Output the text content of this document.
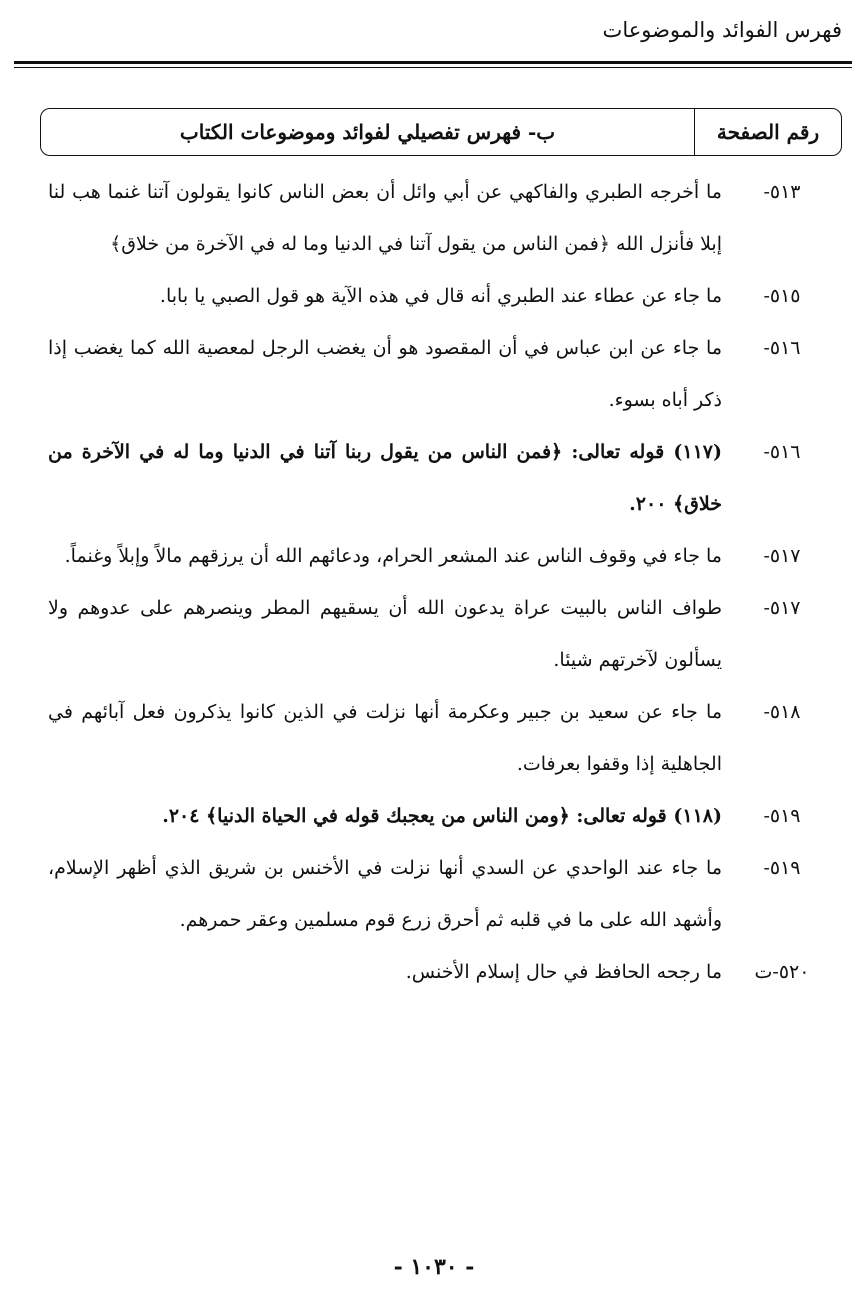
فهرس الفوائد والموضوعات
رقم الصفحة
ب- فهرس تفصيلي لفوائد وموضوعات الكتاب
٥١٣-
ما أخرجه الطبري والفاكهي عن أبي وائل أن بعض الناس كانوا يقولون آتنا غنما هب لنا إبلا فأنزل الله ﴿فمن الناس من يقول آتنا في الدنيا وما له في الآخرة من خلاق﴾
٥١٥-
ما جاء عن عطاء عند الطبري أنه قال في هذه الآية هو قول الصبي يا بابا.
٥١٦-
ما جاء عن ابن عباس في أن المقصود هو أن يغضب الرجل لمعصية الله كما يغضب إذا ذكر أباه بسوء.
٥١٦-
(١١٧) قوله تعالى: ﴿فمن الناس من يقول ربنا آتنا في الدنيا وما له في الآخرة من خلاق﴾ ٢٠٠.
٥١٧-
ما جاء في وقوف الناس عند المشعر الحرام، ودعائهم الله أن يرزقهم مالاً وإبلاً وغنماً.
٥١٧-
طواف الناس بالبيت عراة يدعون الله أن يسقيهم المطر وينصرهم على عدوهم ولا يسألون لآخرتهم شيئا.
٥١٨-
ما جاء عن سعيد بن جبير وعكرمة أنها نزلت في الذين كانوا يذكرون فعل آبائهم في الجاهلية إذا وقفوا بعرفات.
٥١٩-
(١١٨) قوله تعالى: ﴿ومن الناس من يعجبك قوله في الحياة الدنيا﴾ ٢٠٤.
٥١٩-
ما جاء عند الواحدي عن السدي أنها نزلت في الأخنس بن شريق الذي أظهر الإسلام، وأشهد الله على ما في قلبه ثم أحرق زرع قوم مسلمين وعقر حمرهم.
٥٢٠-ت
ما رجحه الحافظ في حال إسلام الأخنس.
- ١٠٣٠ -
